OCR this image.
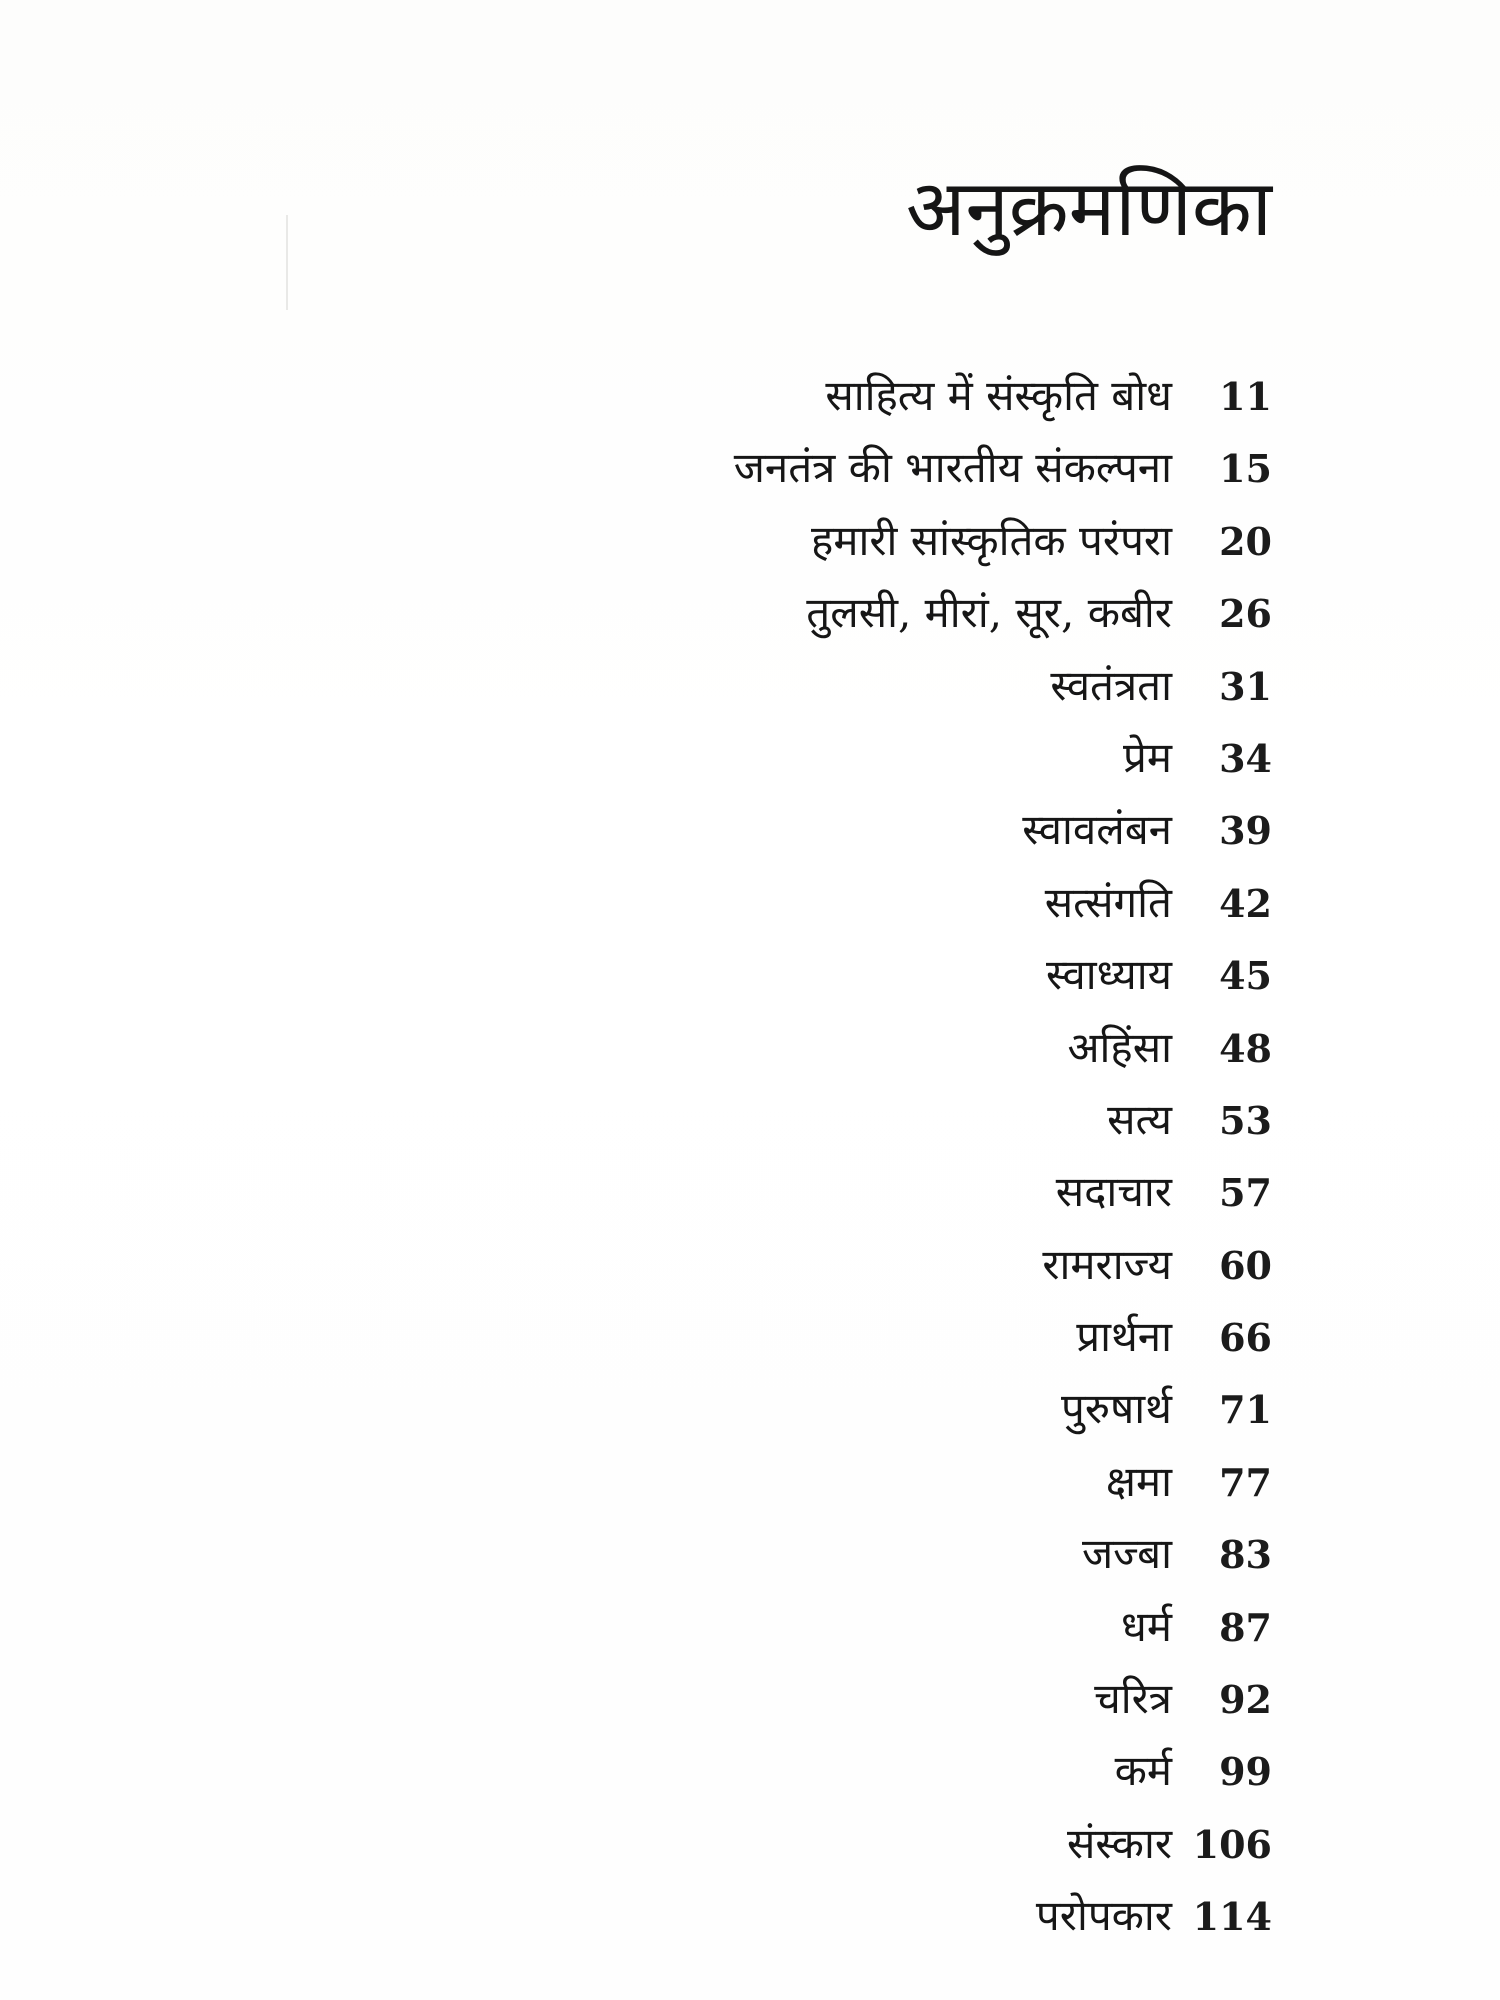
अनुक्रमणिका
साहित्य में संस्कृति बोध	11
जनतंत्र की भारतीय संकल्पना	15
हमारी सांस्कृतिक परंपरा	20
तुलसी, मीरां, सूर, कबीर	26
स्वतंत्रता	31
प्रेम	34
स्वावलंबन	39
सत्संगति	42
स्वाध्याय	45
अहिंसा	48
सत्य	53
सदाचार	57
रामराज्य	60
प्रार्थना	66
पुरुषार्थ	71
क्षमा	77
जज्बा	83
धर्म	87
चरित्र	92
कर्म	99
संस्कार 106
परोपकार 114
